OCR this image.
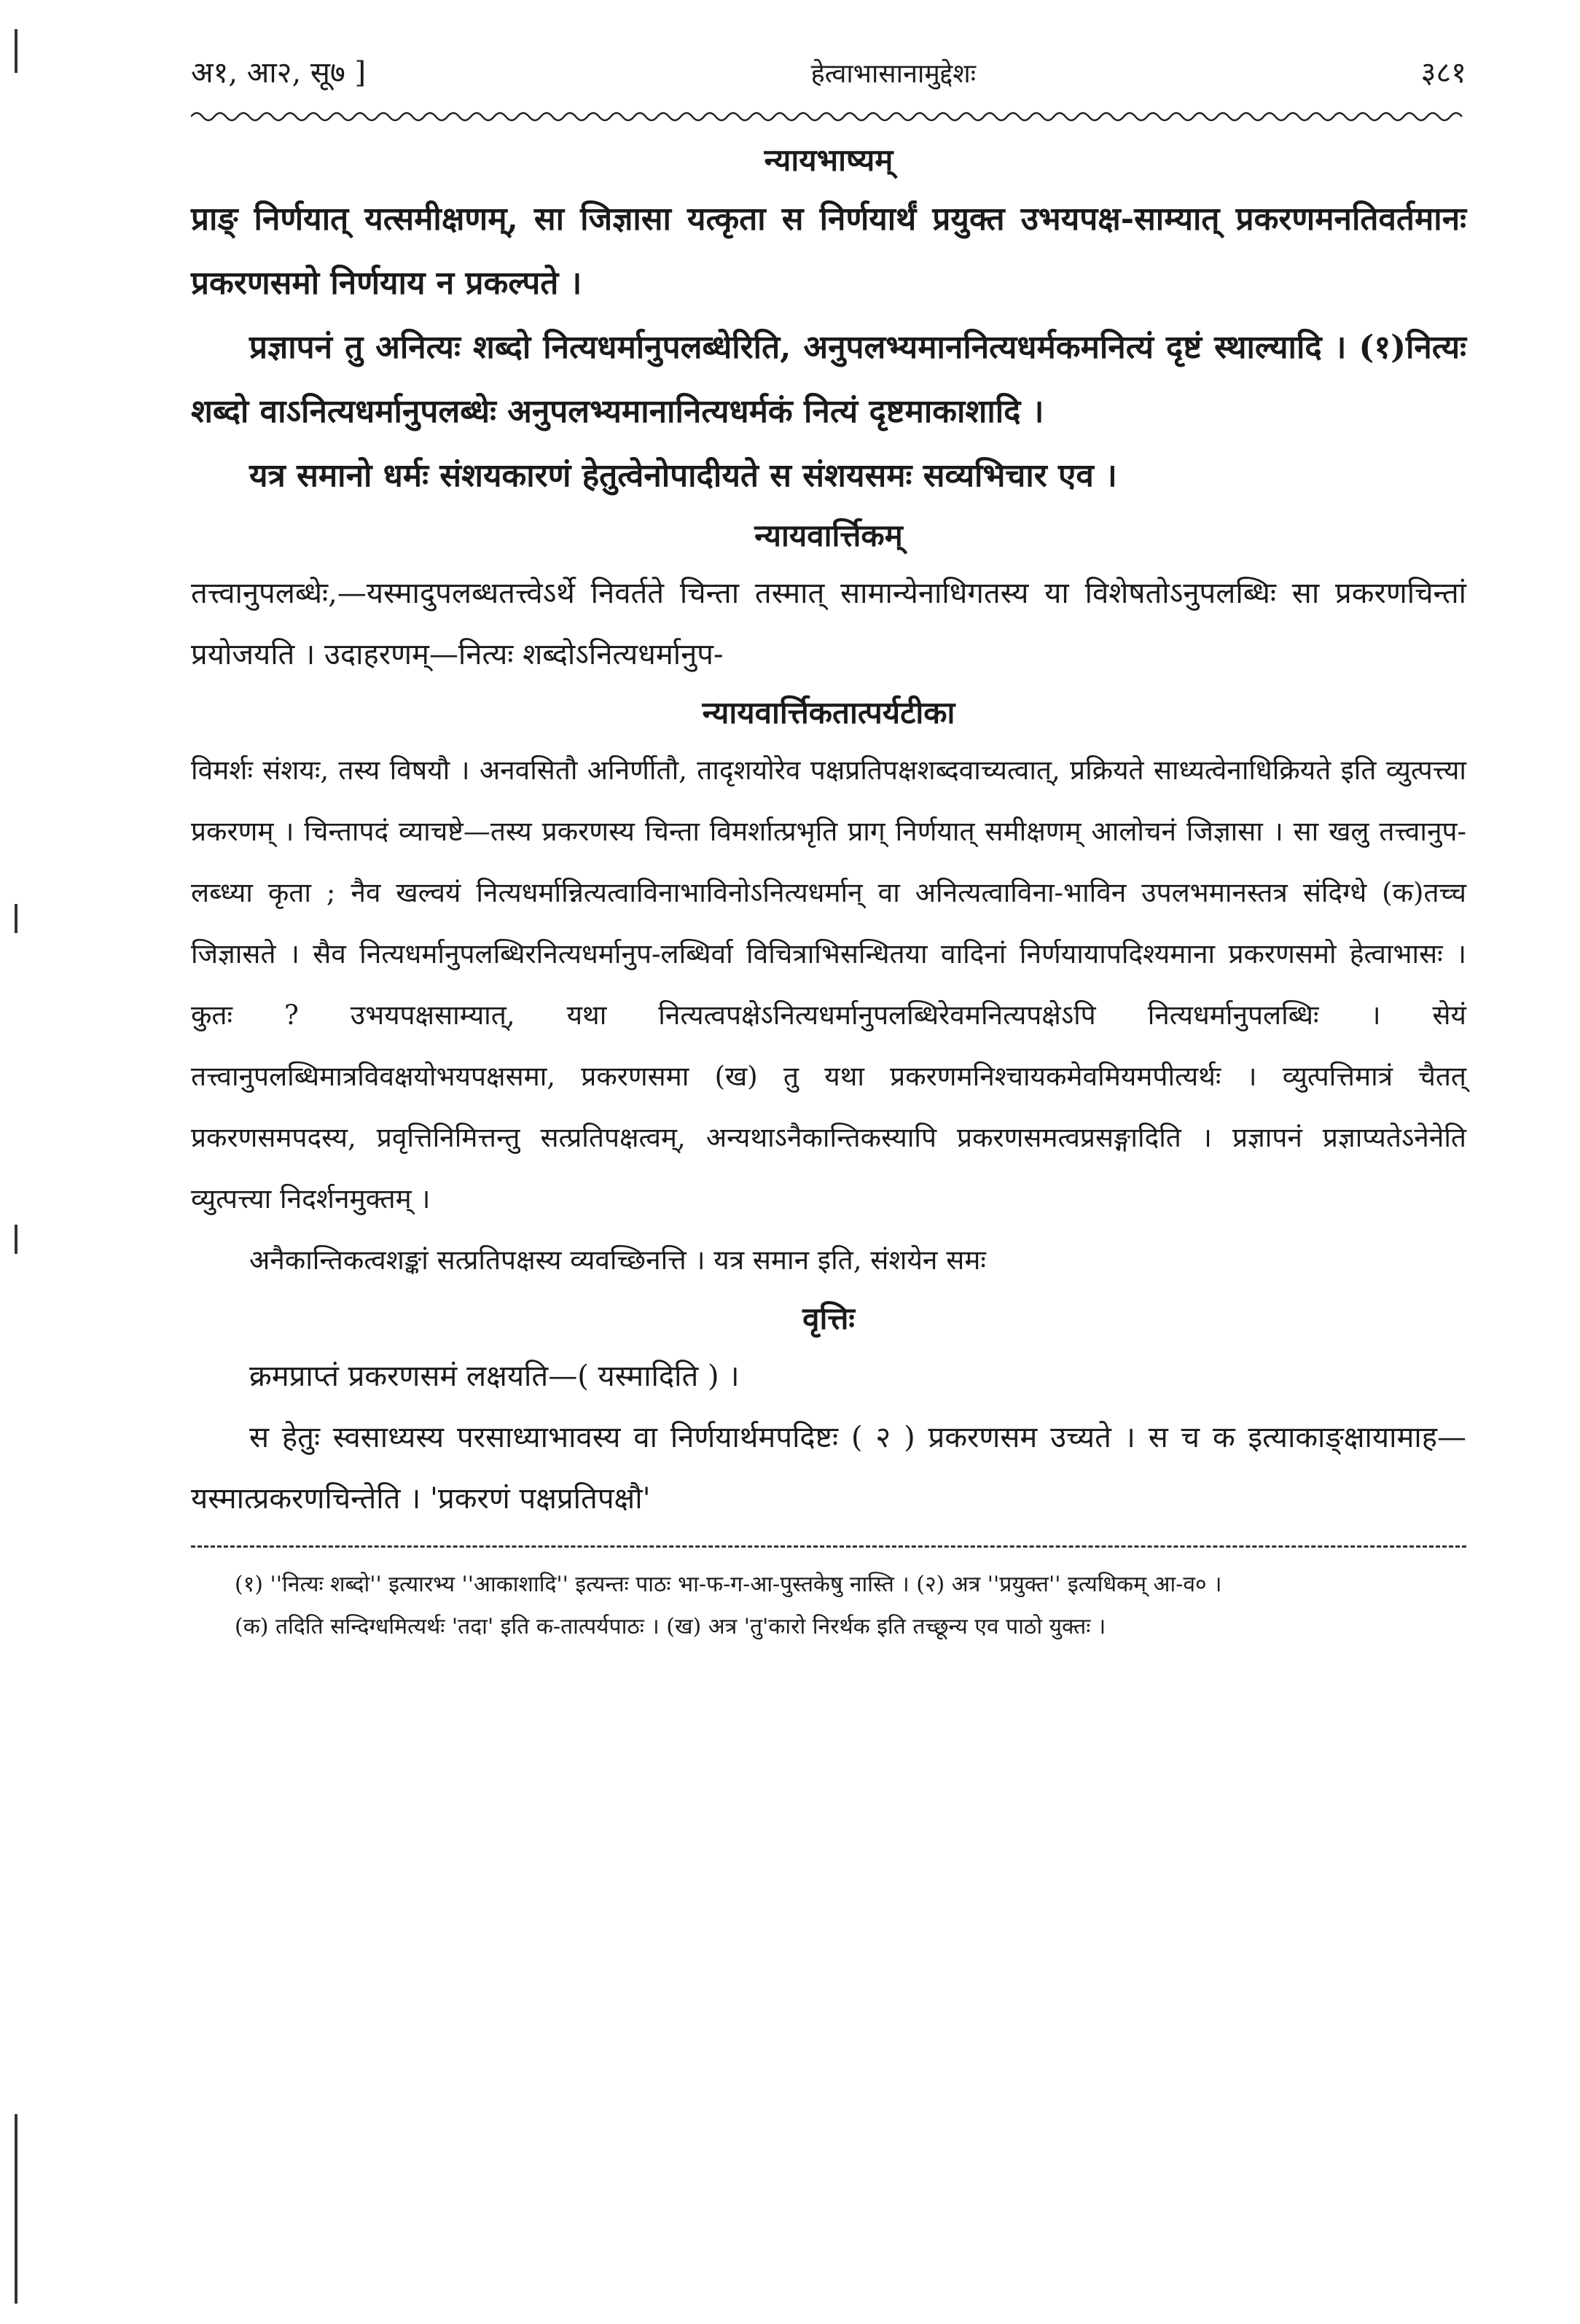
अ१, आ२, सू७ ]	हेत्वाभासानामुद्देशः	३८१
न्यायभाष्यम्

प्राङ् निर्णयात् यत्समीक्षणम्, सा जिज्ञासा यत्कृता स निर्णयार्थं प्रयुक्त उभयपक्ष-साम्यात् प्रकरणमनतिवर्तमानः प्रकरणसमो निर्णयाय न प्रकल्पते ।

प्रज्ञापनं तु अनित्यः शब्दो नित्यधर्मानुपलब्धेरिति, अनुपलभ्यमाननित्यधर्मकमनित्यं दृष्टं स्थाल्यादि । (१)नित्यः शब्दो वाऽनित्यधर्मानुपलब्धेः अनुपलभ्यमानानित्यधर्मकं नित्यं दृष्टमाकाशादि ।

यत्र समानो धर्मः संशयकारणं हेतुत्वेनोपादीयते स संशयसमः सव्यभिचार एव ।

न्यायवार्त्तिकम्

तत्त्वानुपलब्धेः,—यस्मादुपलब्धतत्त्वेऽर्थे निवर्तते चिन्ता तस्मात् सामान्येनाधिगतस्य या विशेषतोऽनुपलब्धिः सा प्रकरणचिन्तां प्रयोजयति । उदाहरणम्—नित्यः शब्दोऽनित्यधर्मानुप-

न्यायवार्त्तिकतात्पर्यटीका

विमर्शः संशयः, तस्य विषयौ । अनवसितौ अनिर्णीतौ, तादृशयोरेव पक्षप्रतिपक्षशब्दवाच्यत्वात्, प्रक्रियते साध्यत्वेनाधिक्रियते इति व्युत्पत्त्या प्रकरणम् । चिन्तापदं व्याचष्टे—तस्य प्रकरणस्य चिन्ता विमर्शात्प्रभृति प्राग् निर्णयात् समीक्षणम् आलोचनं जिज्ञासा । सा खलु तत्त्वानुप-लब्ध्या कृता ; नैव खल्वयं नित्यधर्मान्नित्यत्वाविनाभाविनोऽनित्यधर्मान् वा अनित्यत्वाविना-भाविन उपलभमानस्तत्र संदिग्धे (क)तच्च जिज्ञासते । सैव नित्यधर्मानुपलब्धिरनित्यधर्मानुप-लब्धिर्वा विचित्राभिसन्धितया वादिनां निर्णयायापदिश्यमाना प्रकरणसमो हेत्वाभासः । कुतः ? उभयपक्षसाम्यात्, यथा नित्यत्वपक्षेऽनित्यधर्मानुपलब्धिरेवमनित्यपक्षेऽपि नित्यधर्मानुपलब्धिः । सेयं तत्त्वानुपलब्धिमात्रविवक्षयोभयपक्षसमा, प्रकरणसमा (ख) तु यथा प्रकरणमनिश्चायकमेवमियमपीत्यर्थः । व्युत्पत्तिमात्रं चैतत् प्रकरणसमपदस्य, प्रवृत्तिनिमित्तन्तु सत्प्रतिपक्षत्वम्, अन्यथाऽनैकान्तिकस्यापि प्रकरणसमत्वप्रसङ्गादिति । प्रज्ञापनं प्रज्ञाप्यतेऽनेनेति व्युत्पत्त्या निदर्शनमुक्तम् ।

अनैकान्तिकत्वशङ्कां सत्प्रतिपक्षस्य व्यवच्छिनत्ति । यत्र समान इति, संशयेन समः

वृत्तिः

क्रमप्राप्तं प्रकरणसमं लक्षयति—( यस्मादिति ) ।

स हेतुः स्वसाध्यस्य परसाध्याभावस्य वा निर्णयार्थमपदिष्टः ( २ ) प्रकरणसम उच्यते । स च क इत्याकाङ्क्षायामाह—यस्मात्प्रकरणचिन्तेति । 'प्रकरणं पक्षप्रतिपक्षौ'

(१) ''नित्यः शब्दो'' इत्यारभ्य ''आकाशादि'' इत्यन्तः पाठः भा-फ-ग-आ-पुस्तकेषु नास्ति । (२) अत्र ''प्रयुक्त'' इत्यधिकम् आ-व० ।

(क) तदिति सन्दिग्धमित्यर्थः 'तदा' इति क-तात्पर्यपाठः । (ख) अत्र 'तु'कारो निरर्थक इति तच्छून्य एव पाठो युक्तः ।
